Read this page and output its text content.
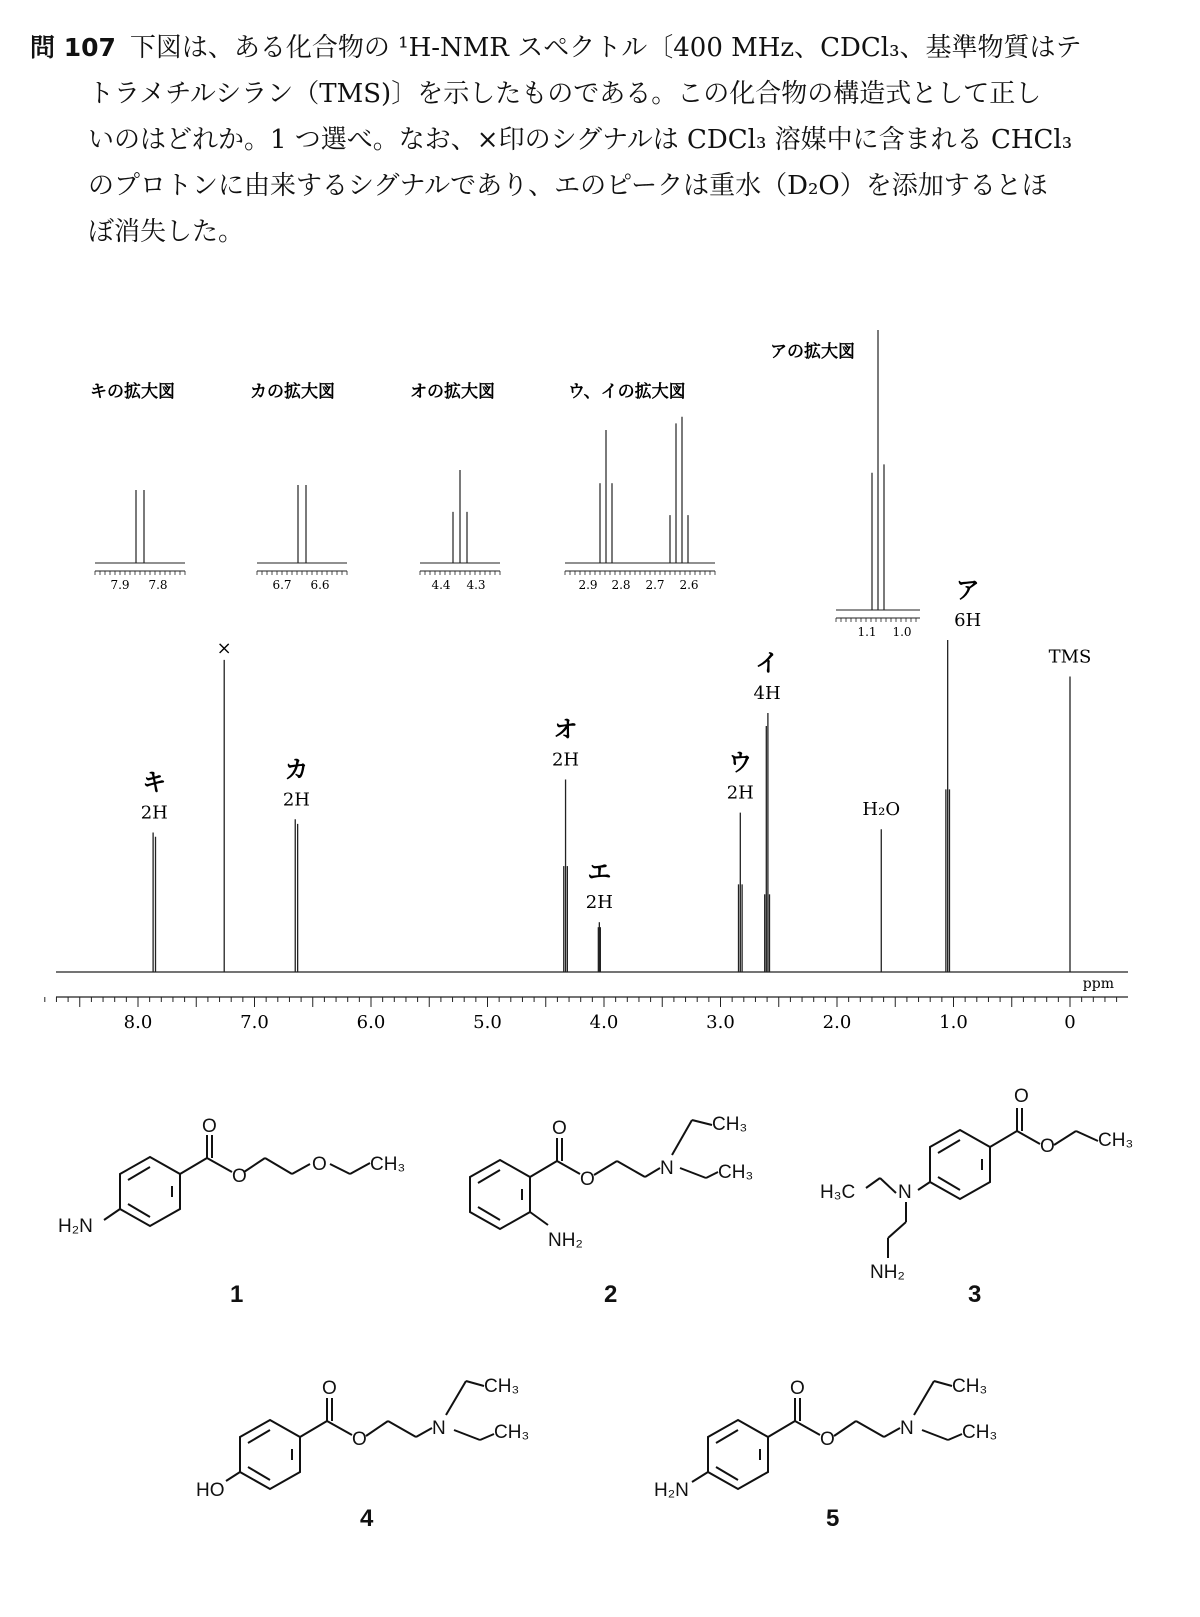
問 107 下図は、ある化合物の ¹H-NMR スペクトル〔400 MHz、CDCl₃、基準物質はテ
トラメチルシラン（TMS)〕を示したものである。この化合物の構造式として正し
いのはどれか。1 つ選べ。なお、×印のシグナルは CDCl₃ 溶媒中に含まれる CHCl₃
のプロトンに由来するシグナルであり、エのピークは重水（D₂O）を添加するとほ
ぼ消失した。
8.0	7.0	6.0	5.0	4.0	3.0	2.0	1.0	0
ppm
キ
2H
×
カ
2H
オ
2H
エ
2H
ウ
2H
イ
4H
H₂O
ア
6H
TMS
キの拡大図
7.9 7.8
カの拡大図
6.7 6.6
オの拡大図
4.4 4.3
ウ、イの拡大図
2.9 2.8 2.7 2.6
アの拡大図
1.1 1.0
O
O
O CH₃
H₂N
1
O
O
N
CH₃
CH₃
NH₂
2
O
O CH₃
H₃C N
NH₂
3
O
O
N
CH₃
CH₃
HO
4
O
O
N
CH₃
CH₃
H₂N
5
